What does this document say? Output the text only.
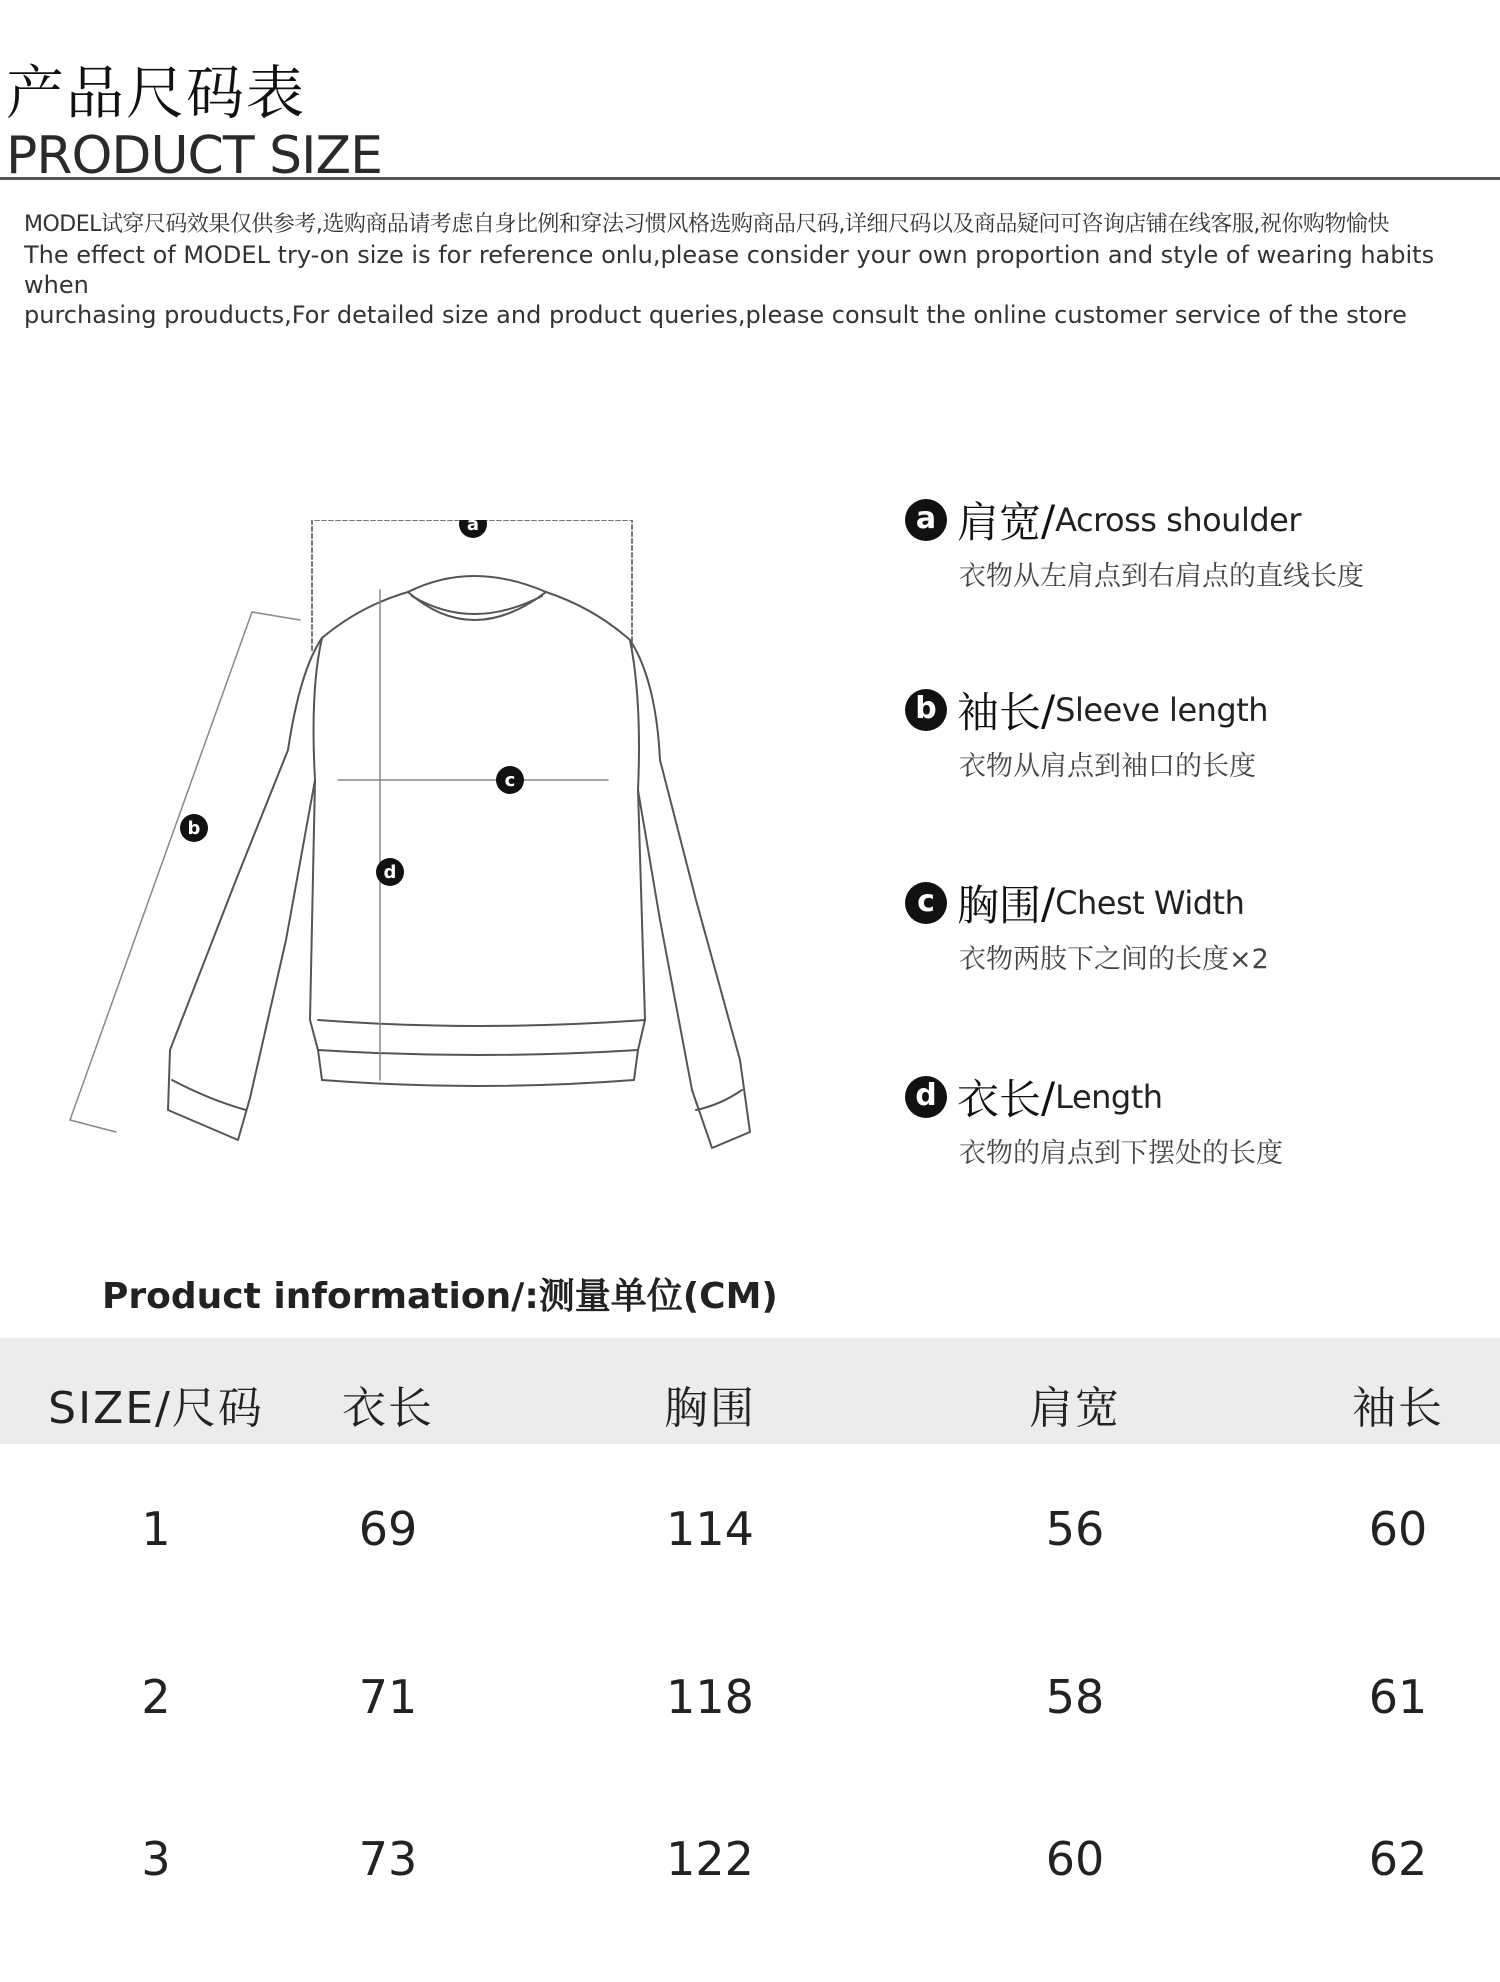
产品尺码表
PRODUCT SIZE
MODEL试穿尺码效果仅供参考,选购商品请考虑自身比例和穿法习惯风格选购商品尺码,详细尺码以及商品疑问可咨询店铺在线客服,祝你购物愉快
The effect of MODEL try-on size is for reference onlu,please consider your own proportion and style of wearing habits when
purchasing prouducts,For detailed size and product queries,please consult the online customer service of the store
a
b
c
d
a 肩宽 / Across shoulder
衣物从左肩点到右肩点的直线长度
b 袖长 / Sleeve length
衣物从肩点到袖口的长度
c 胸围 / Chest Width
衣物两肢下之间的长度×2
d 衣长 / Length
衣物的肩点到下摆处的长度
Product information/:测量单位(CM)
SIZE/尺码	衣长	胸围	肩宽	袖长
1	69	114	56	60
2	71	118	58	61
3	73	122	60	62
